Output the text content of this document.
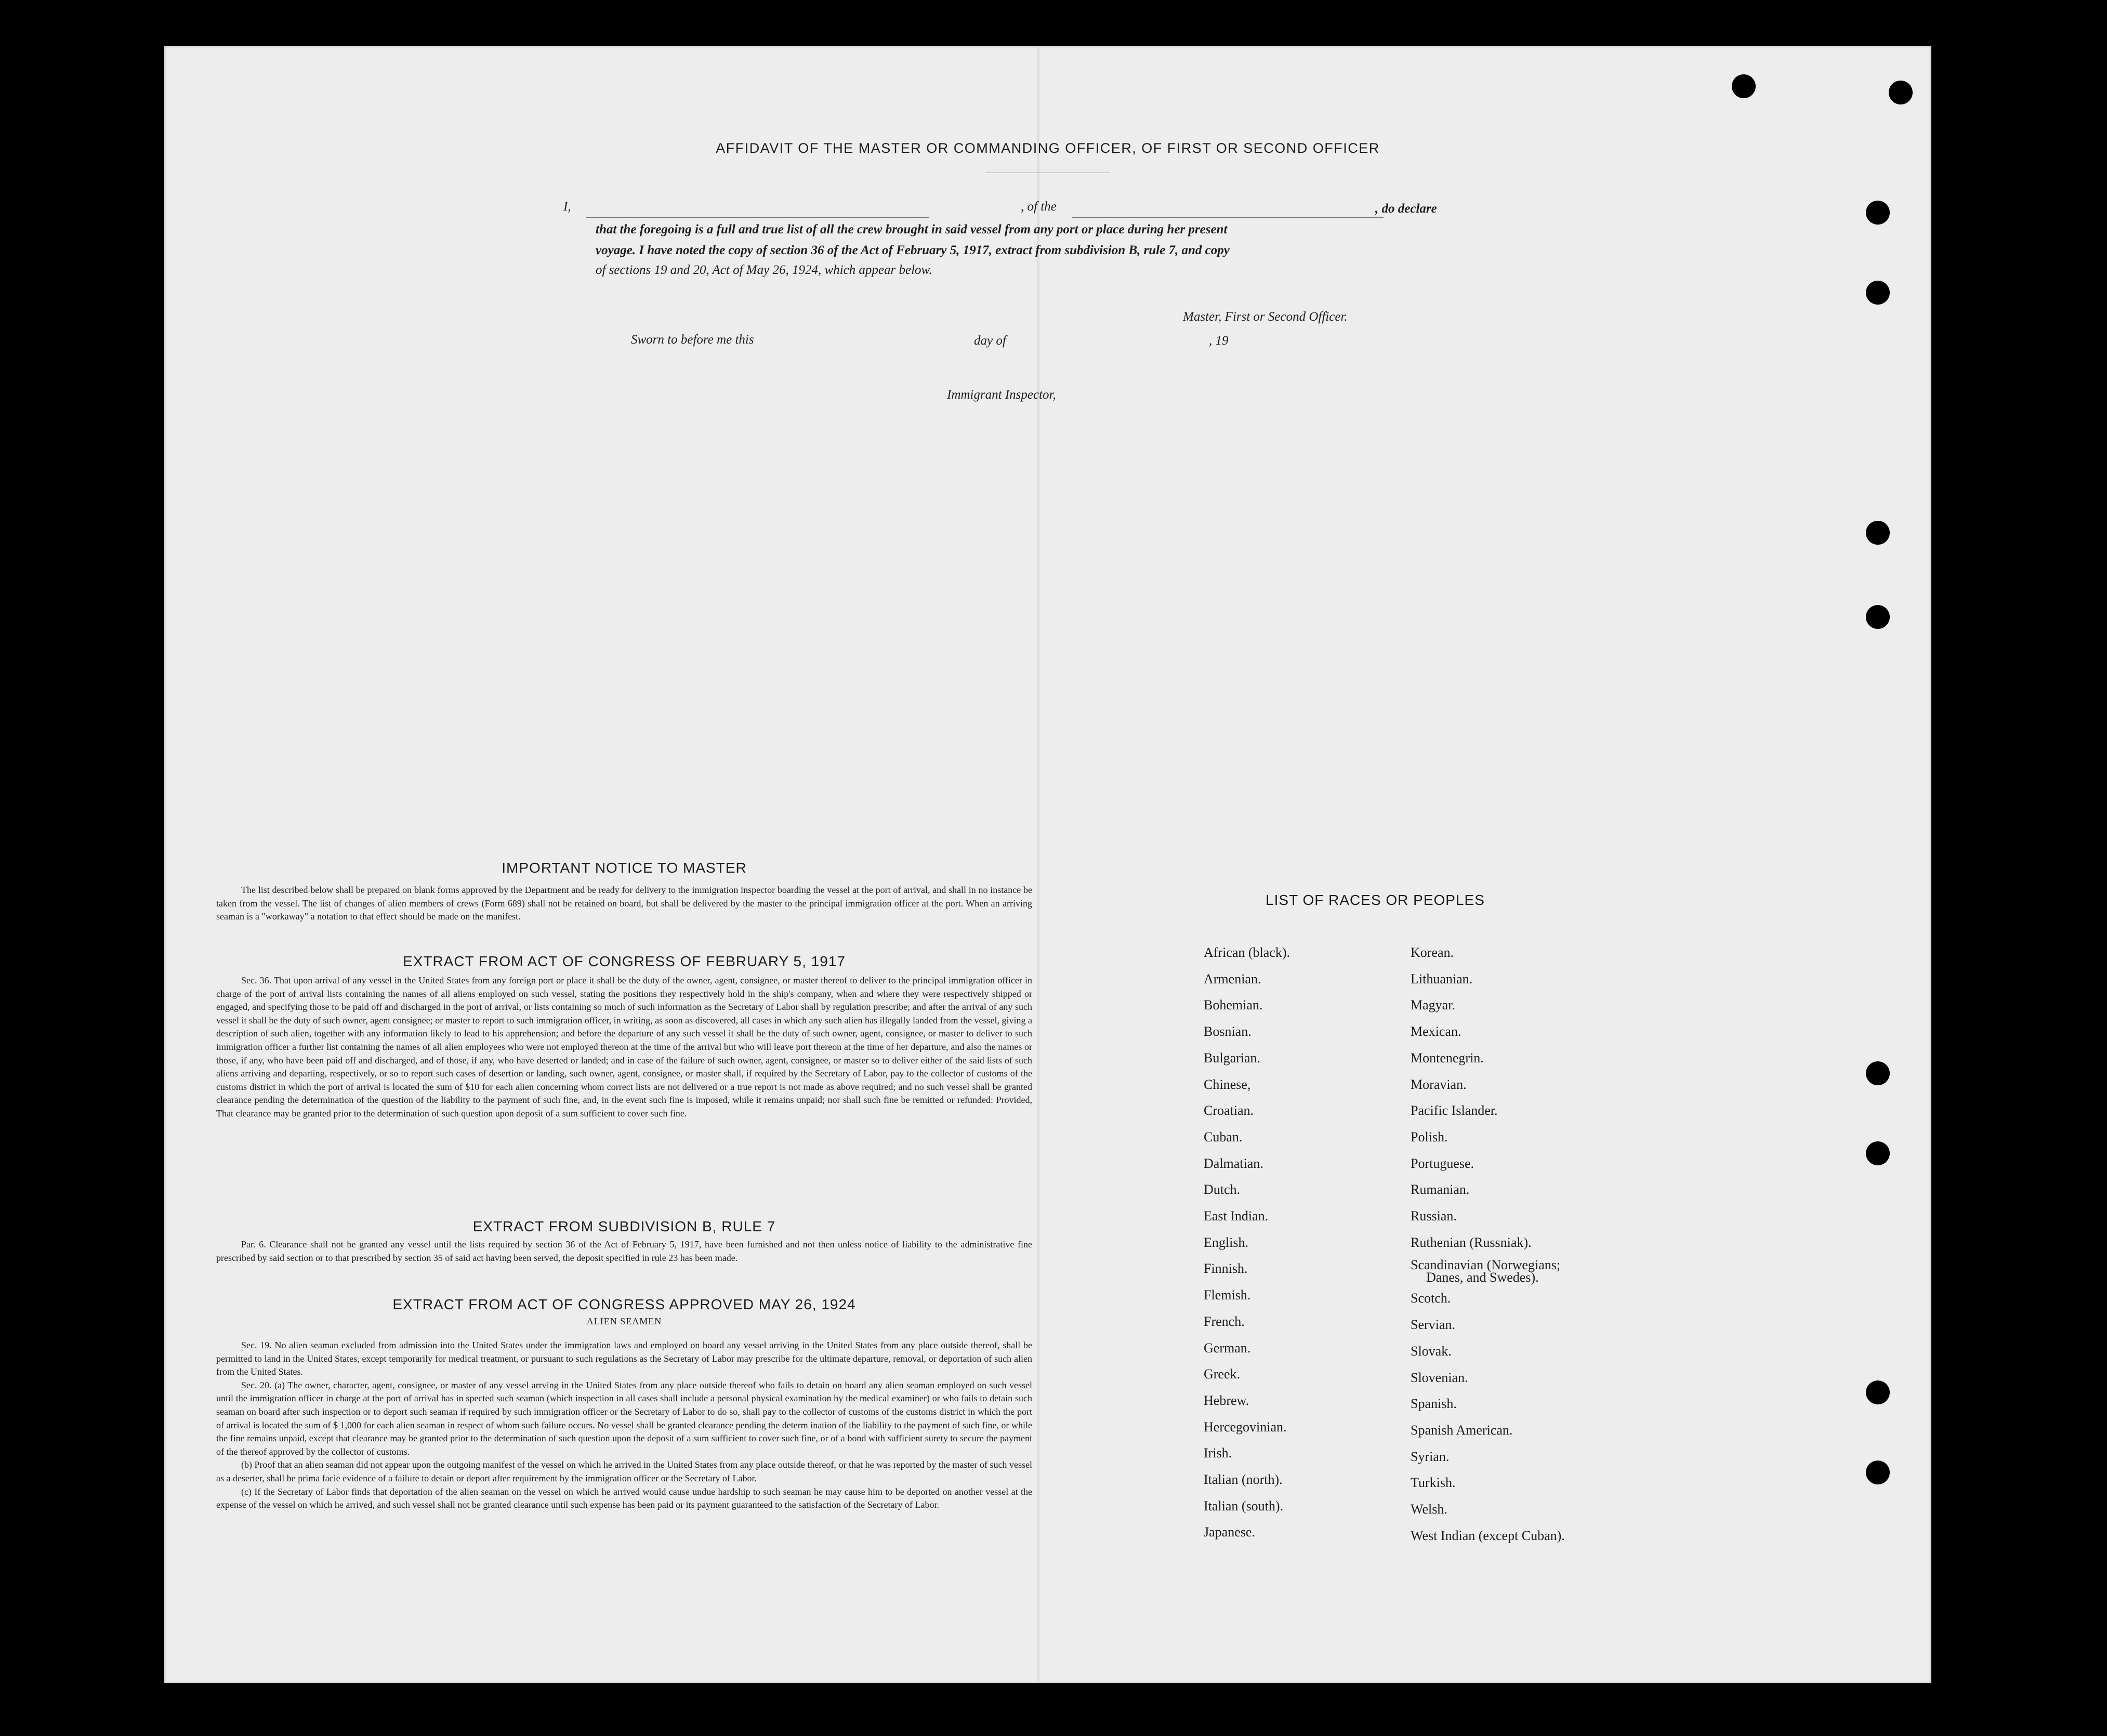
AFFIDAVIT OF THE MASTER OR COMMANDING OFFICER, OF FIRST OR SECOND OFFICER
I,	, of the	, do declare
that the foregoing is a full and true list of all the crew brought in said vessel from any port or place during her present
voyage. I have noted the copy of section 36 of the Act of February 5, 1917, extract from subdivision B, rule 7, and copy
of sections 19 and 20, Act of May 26, 1924, which appear below.
Master, First or Second Officer.
Sworn to before me this	day of	, 19
Immigrant Inspector,
IMPORTANT NOTICE TO MASTER

The list described below shall be prepared on blank forms approved by the Department and be ready for delivery to the immigration inspector boarding the vessel at the port of arrival, and shall in no instance be taken from the vessel. The list of changes of alien members of crews (Form 689) shall not be retained on board, but shall be delivered by the master to the principal immigration officer at the port. When an arriving seaman is a "workaway" a notation to that effect should be made on the manifest.

EXTRACT FROM ACT OF CONGRESS OF FEBRUARY 5, 1917

Sec. 36. That upon arrival of any vessel in the United States from any foreign port or place it shall be the duty of the owner, agent, consignee, or master thereof to deliver to the principal immigration officer in charge of the port of arrival lists containing the names of all aliens employed on such vessel, stating the positions they respectively hold in the ship's company, when and where they were respectively shipped or engaged, and specifying those to be paid off and discharged in the port of arrival, or lists containing so much of such information as the Secretary of Labor shall by regulation prescribe; and after the arrival of any such vessel it shall be the duty of such owner, agent consignee; or master to report to such immigration officer, in writing, as soon as discovered, all cases in which any such alien has illegally landed from the vessel, giving a description of such alien, together with any information likely to lead to his apprehension; and before the departure of any such vessel it shall be the duty of such owner, agent, consignee, or master to deliver to such immigration officer a further list containing the names of all alien employees who were not employed thereon at the time of the arrival but who will leave port thereon at the time of her departure, and also the names or those, if any, who have been paid off and discharged, and of those, if any, who have deserted or landed; and in case of the failure of such owner, agent, consignee, or master so to deliver either of the said lists of such aliens arriving and departing, respectively, or so to report such cases of desertion or landing, such owner, agent, consignee, or master shall, if required by the Secretary of Labor, pay to the collector of customs of the customs district in which the port of arrival is located the sum of $10 for each alien concerning whom correct lists are not delivered or a true report is not made as above required; and no such vessel shall be granted clearance pending the determination of the question of the liability to the payment of such fine, and, in the event such fine is imposed, while it remains unpaid; nor shall such fine be remitted or refunded: Provided, That clearance may be granted prior to the determination of such question upon deposit of a sum sufficient to cover such fine.

EXTRACT FROM SUBDIVISION B, RULE 7

Par. 6. Clearance shall not be granted any vessel until the lists required by section 36 of the Act of February 5, 1917, have been furnished and not then unless notice of liability to the administrative fine prescribed by said section or to that prescribed by section 35 of said act having been served, the deposit specified in rule 23 has been made.

EXTRACT FROM ACT OF CONGRESS APPROVED MAY 26, 1924
ALIEN SEAMEN

Sec. 19. No alien seaman excluded from admission into the United States under the immigration laws and employed on board any vessel arriving in the United States from any place outside thereof, shall be permitted to land in the United States, except temporarily for medical treatment, or pursuant to such regulations as the Secretary of Labor may prescribe for the ultimate departure, removal, or deportation of such alien from the United States.

Sec. 20. (a) The owner, character, agent, consignee, or master of any vessel arrving in the United States from any place outside thereof who fails to detain on board any alien seaman employed on such vessel until the immigration officer in charge at the port of arrival has in spected such seaman (which inspection in all cases shall include a personal physical examination by the medical examiner) or who fails to detain such seaman on board after such inspection or to deport such seaman if required by such immigration officer or the Secretary of Labor to do so, shall pay to the collector of customs of the customs district in which the port of arrival is located the sum of $ 1,000 for each alien seaman in respect of whom such failure occurs. No vessel shall be granted clearance pending the determ ination of the liability to the payment of such fine, or while the fine remains unpaid, except that clearance may be granted prior to the determination of such question upon the deposit of a sum sufficient to cover such fine, or of a bond with sufficient surety to secure the payment of the thereof approved by the collector of customs.

(b) Proof that an alien seaman did not appear upon the outgoing manifest of the vessel on which he arrived in the United States from any place outside thereof, or that he was reported by the master of such vessel as a deserter, shall be prima facie evidence of a failure to detain or deport after requirement by the immigration officer or the Secretary of Labor.

(c) If the Secretary of Labor finds that deportation of the alien seaman on the vessel on which he arrived would cause undue hardship to such seaman he may cause him to be deported on another vessel at the expense of the vessel on which he arrived, and such vessel shall not be granted clearance until such expense has been paid or its payment guaranteed to the satisfaction of the Secretary of Labor.

LIST OF RACES OR PEOPLES
African (black).
Armenian.
Bohemian.
Bosnian.
Bulgarian.
Chinese,
Croatian.
Cuban.
Dalmatian.
Dutch.
East Indian.
English.
Finnish.
Flemish.
French.
German.
Greek.
Hebrew.
Hercegovinian.
Irish.
Italian (north).
Italian (south).
Japanese.
Korean.
Lithuanian.
Magyar.
Mexican.
Montenegrin.
Moravian.
Pacific Islander.
Polish.
Portuguese.
Rumanian.
Russian.
Ruthenian (Russniak).
Scandinavian (Norwegians;
Danes, and Swedes).
Scotch.
Servian.
Slovak.
Slovenian.
Spanish.
Spanish American.
Syrian.
Turkish.
Welsh.
West Indian (except Cuban).
